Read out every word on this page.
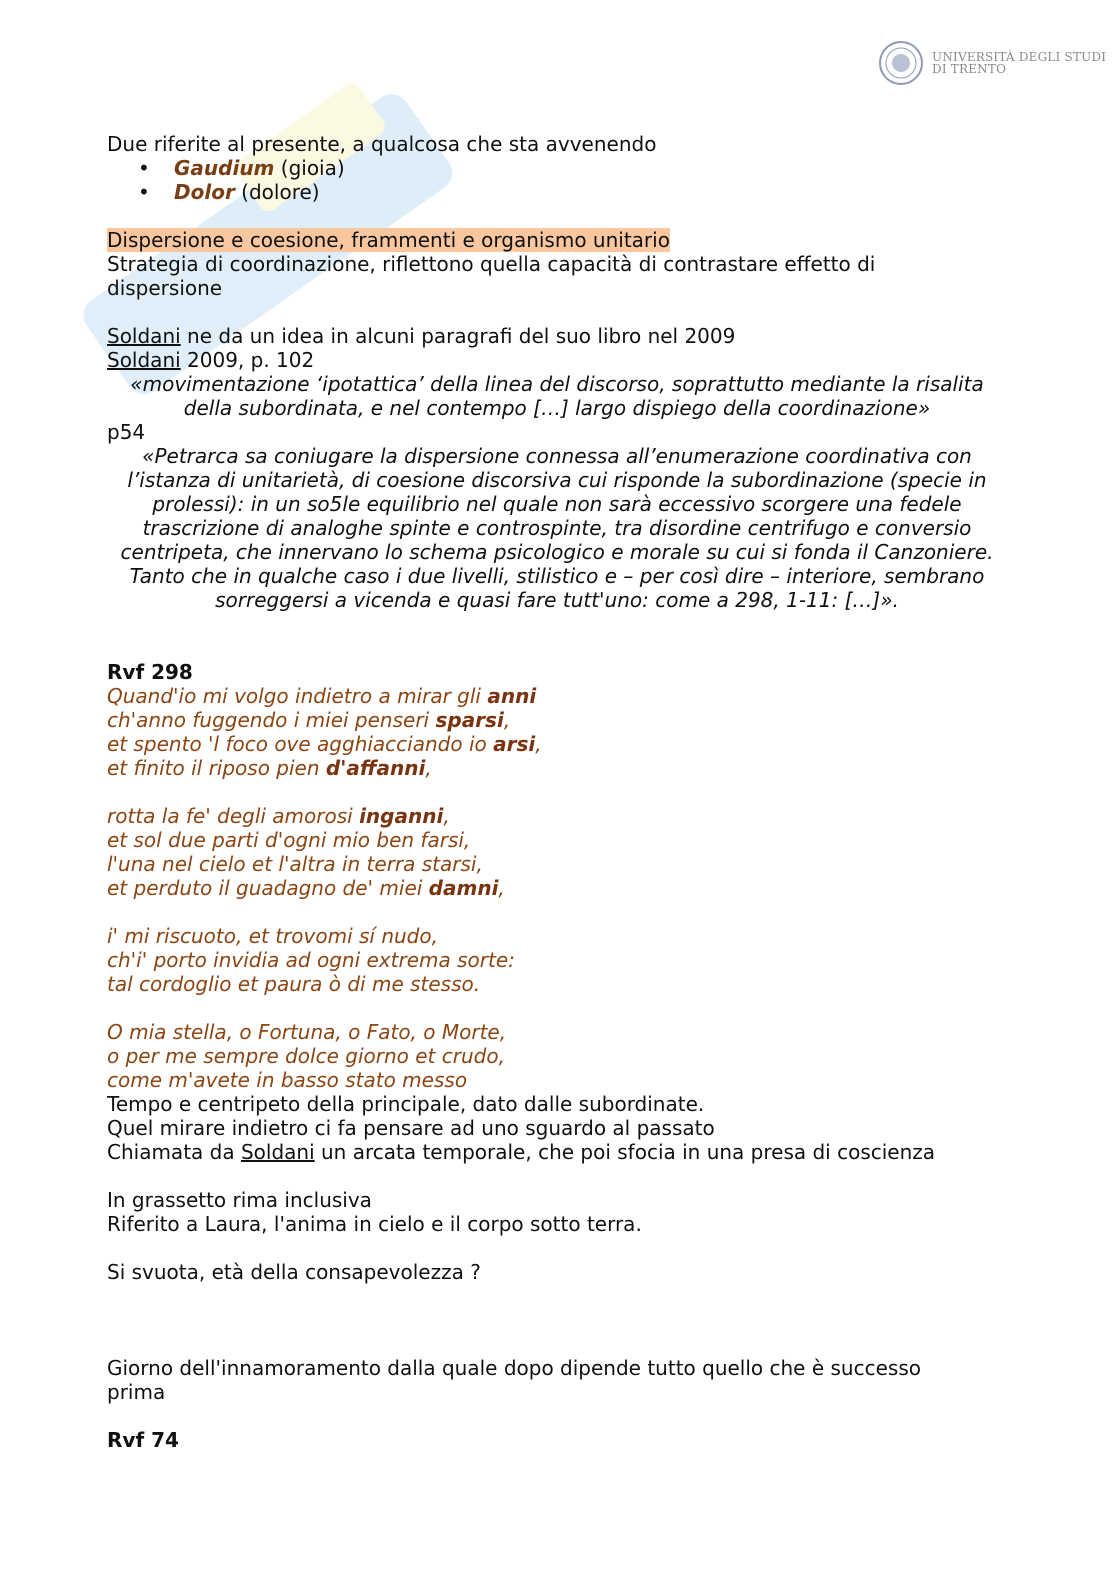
UNIVERSITÀ DEGLI STUDI
DI TRENTO
Due riferite al presente, a qualcosa che sta avvenendo
• Gaudium (gioia)
• Dolor (dolore)
Dispersione e coesione, frammenti e organismo unitario
Strategia di coordinazione, riflettono quella capacità di contrastare effetto di
dispersione
Soldani ne da un idea in alcuni paragrafi del suo libro nel 2009
Soldani 2009, p. 102
«movimentazione ‘ipotattica’ della linea del discorso, soprattutto mediante la risalita
della subordinata, e nel contempo […] largo dispiego della coordinazione»
p54
«Petrarca sa coniugare la dispersione connessa all’enumerazione coordinativa con
l’istanza di unitarietà, di coesione discorsiva cui risponde la subordinazione (specie in
prolessi): in un so5le equilibrio nel quale non sarà eccessivo scorgere una fedele
trascrizione di analoghe spinte e controspinte, tra disordine centrifugo e conversio
centripeta, che innervano lo schema psicologico e morale su cui si fonda il Canzoniere.
Tanto che in qualche caso i due livelli, stilistico e – per così dire – interiore, sembrano
sorreggersi a vicenda e quasi fare tutt'uno: come a 298, 1-11: […]».
Rvf 298
Quand'io mi volgo indietro a mirar gli anni
ch'anno fuggendo i miei penseri sparsi,
et spento 'l foco ove agghiacciando io arsi,
et finito il riposo pien d'affanni,
rotta la fe' degli amorosi inganni,
et sol due parti d'ogni mio ben farsi,
l'una nel cielo et l'altra in terra starsi,
et perduto il guadagno de' miei damni,
i' mi riscuoto, et trovomi sí nudo,
ch'i' porto invidia ad ogni extrema sorte:
tal cordoglio et paura ò di me stesso.
O mia stella, o Fortuna, o Fato, o Morte,
o per me sempre dolce giorno et crudo,
come m'avete in basso stato messo
Tempo e centripeto della principale, dato dalle subordinate.
Quel mirare indietro ci fa pensare ad uno sguardo al passato
Chiamata da Soldani un arcata temporale, che poi sfocia in una presa di coscienza
In grassetto rima inclusiva
Riferito a Laura, l'anima in cielo e il corpo sotto terra.
Si svuota, età della consapevolezza ?
Giorno dell'innamoramento dalla quale dopo dipende tutto quello che è successo
prima
Rvf 74
